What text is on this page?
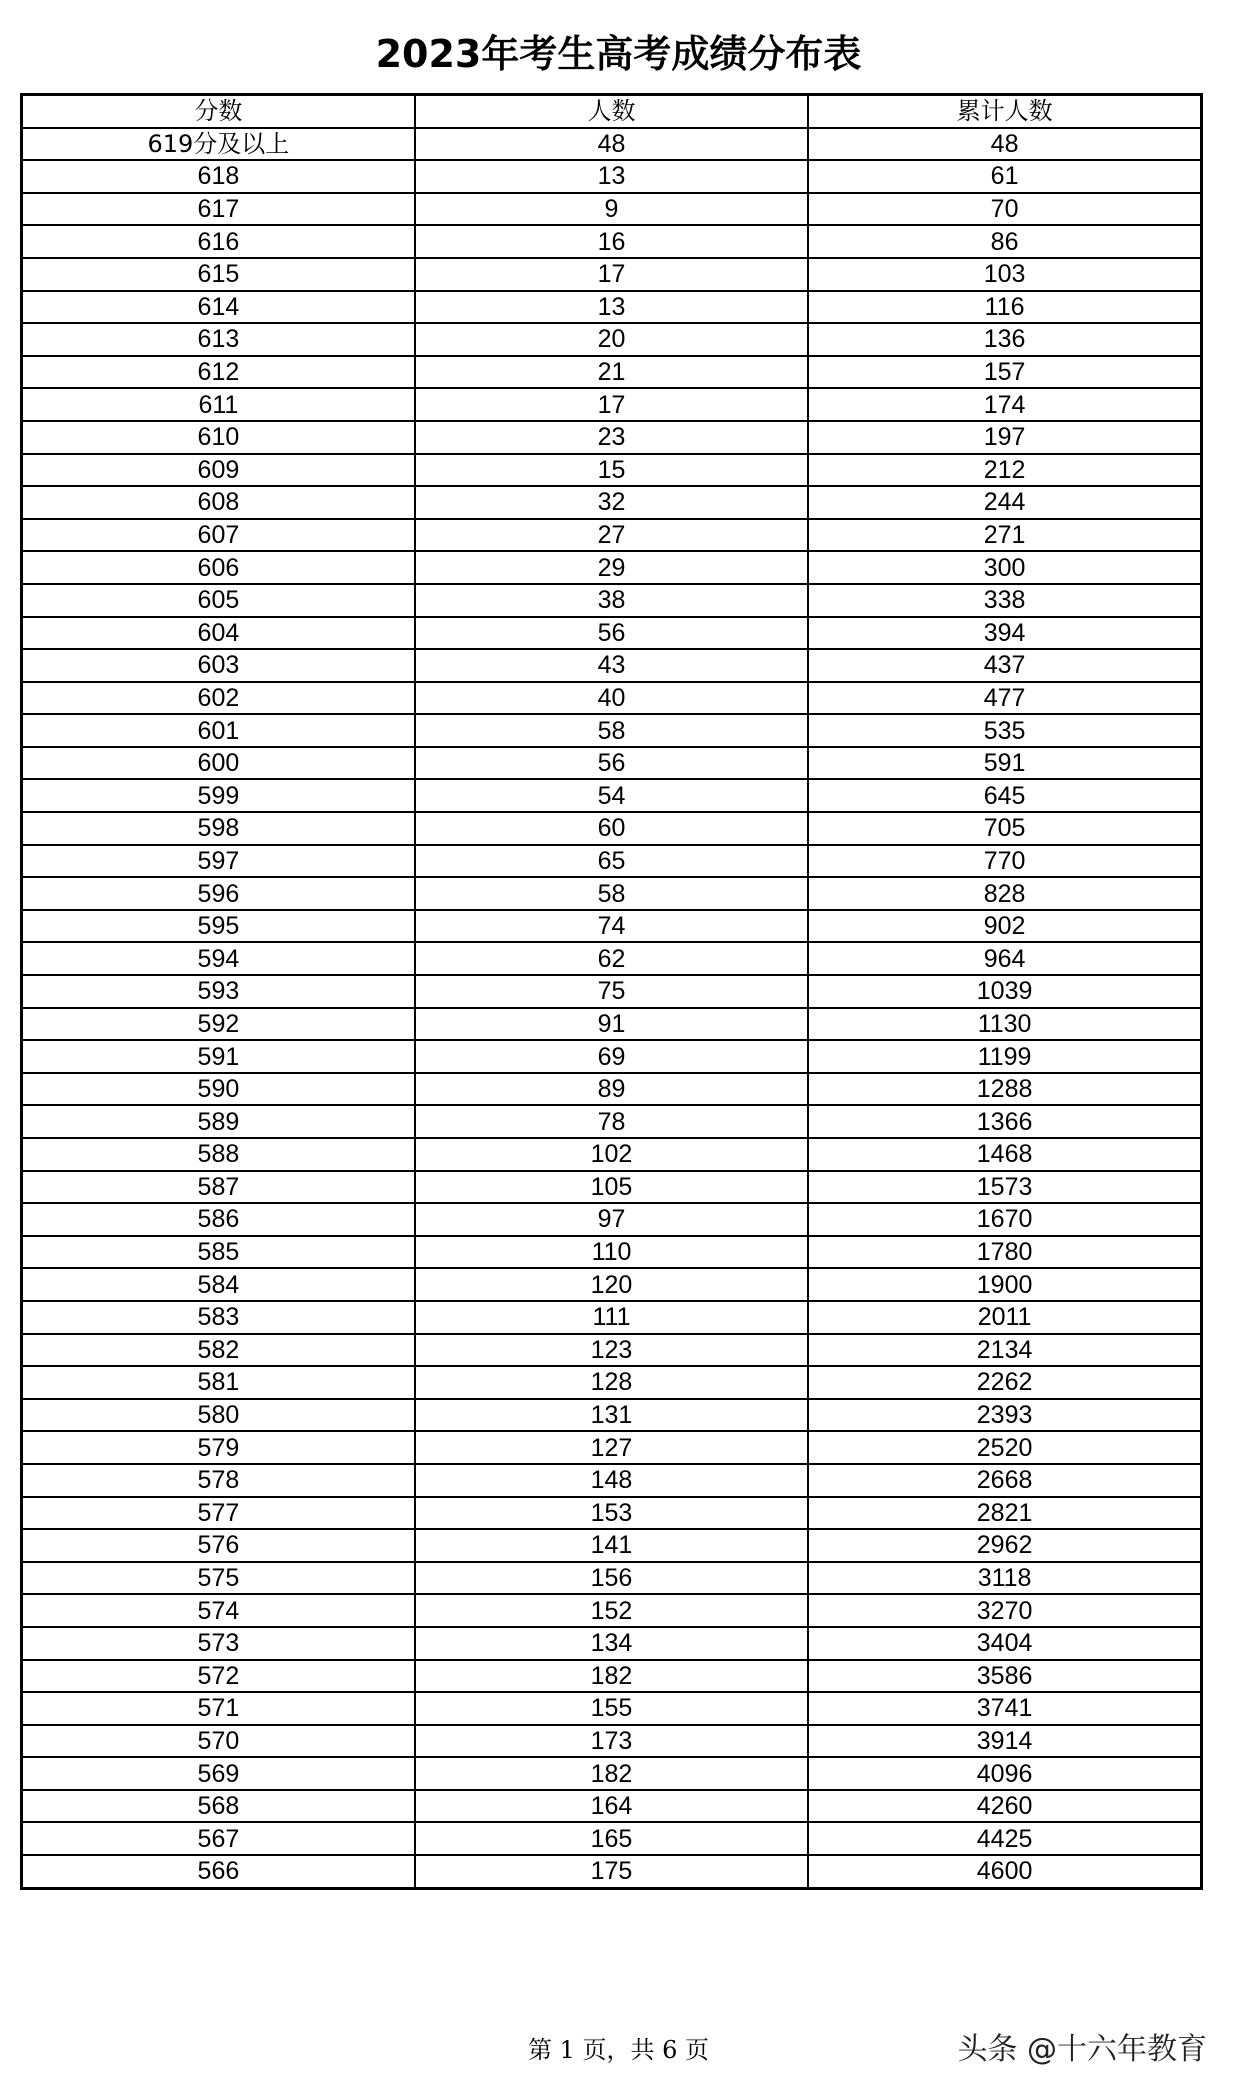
2023年考生高考成绩分布表
分数	人数	累计人数
619分及以上	48	48
618	13	61
617	9	70
616	16	86
615	17	103
614	13	116
613	20	136
612	21	157
611	17	174
610	23	197
609	15	212
608	32	244
607	27	271
606	29	300
605	38	338
604	56	394
603	43	437
602	40	477
601	58	535
600	56	591
599	54	645
598	60	705
597	65	770
596	58	828
595	74	902
594	62	964
593	75	1039
592	91	1130
591	69	1199
590	89	1288
589	78	1366
588	102	1468
587	105	1573
586	97	1670
585	110	1780
584	120	1900
583	111	2011
582	123	2134
581	128	2262
580	131	2393
579	127	2520
578	148	2668
577	153	2821
576	141	2962
575	156	3118
574	152	3270
573	134	3404
572	182	3586
571	155	3741
570	173	3914
569	182	4096
568	164	4260
567	165	4425
566	175	4600
第 1 页，共 6 页	头条 @十六年教育
